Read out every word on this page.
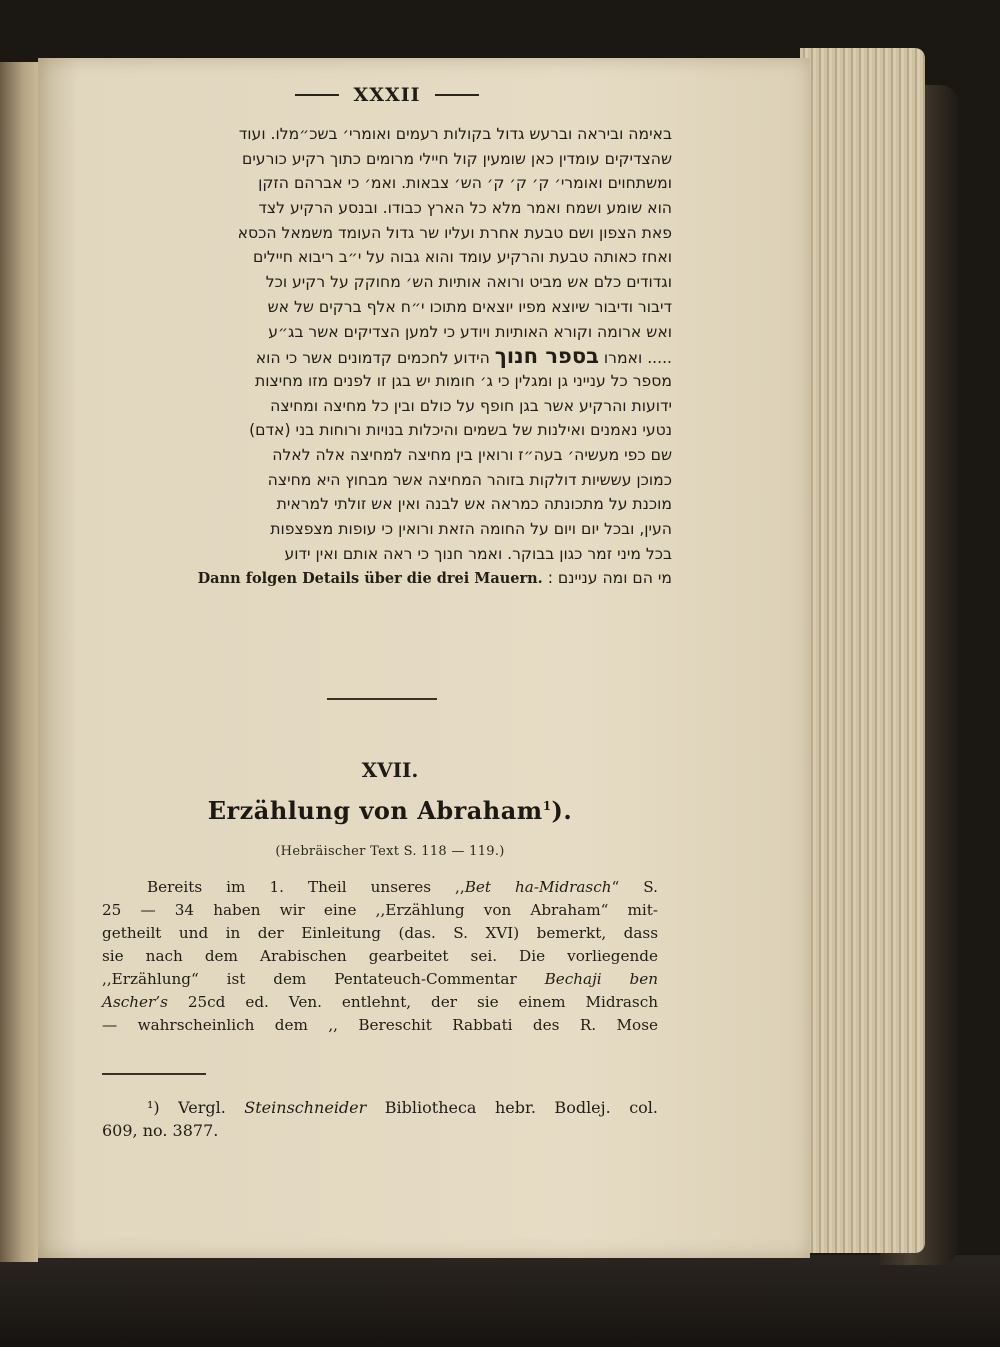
XXXII
באימה וביראה וברעש גדול בקולות רעמים ואומרי׳ בשכ״מלו. ועוד
שהצדיקים עומדין כאן שומעין קול חיילי מרומים כתוך רקיע כורעים
ומשתחוים ואומרי׳ ק׳ ק׳ ק׳ הש׳ צבאות. ואמ׳ כי אברהם הזקן
הוא שומע ושמח ואמר מלא כל הארץ כבודו. ובנסע הרקיע לצד
פאת הצפון ושם טבעת אחרת ועליו שר גדול העומד משמאל הכסא
ואחז כאותה טבעת והרקיע עומד והוא גבוה על י״ב ריבוא חיילים
וגדודים כלם אש מביט ורואה אותיות הש׳ מחוקק על רקיע וכל
דיבור ודיבור שיוצא מפיו יוצאים מתוכו י״ח אלף ברקים של אש
ואש ארומה וקורא האותיות ויודע כי למען הצדיקים אשר בג״ע
..... ואמרו בספר חנוך הידוע לחכמים קדמונים אשר כי הוא
מספר כל ענייני גן ומגלין כי ג׳ חומות יש בגן זו לפנים מזו מחיצות
ידועות והרקיע אשר בגן חופף על כולם ובין כל מחיצה ומחיצה
נטעי נאמנים ואילנות של בשמים והיכלות בנויות ורוחות בני (אדם)
שם כפי מעשיה׳ בעה״ז ורואין בין מחיצה למחיצה אלה לאלה
כמוכן עששיות דולקות בזוהר המחיצה אשר מבחוץ היא מחיצה
מוכנת על מתכונתה כמראה אש לבנה ואין אש זולתי למראית
העין, ובכל יום ויום על החומה הזאת ורואין כי עופות מצפצפות
בכל מיני זמר כגון בבוקר. ואמר חנוך כי ראה אותם ואין ידוע
מי הם ומה עניינם : Dann folgen Details über die drei Mauern.
XVII.
Erzählung von Abraham$^1$).
(Hebräischer Text S. 118 — 119.)
Bereits im 1. Theil unseres ,,Bet ha-Midrasch“ S.
25 — 34 haben wir eine ,,Erzählung von Abraham“ mit-
getheilt und in der Einleitung (das. S. XVI) bemerkt, dass
sie nach dem Arabischen gearbeitet sei. Die vorliegende
,,Erzählung“ ist dem Pentateuch-Commentar Bechaji ben
Ascher’s 25cd ed. Ven. entlehnt, der sie einem Midrasch
— wahrscheinlich dem ,, Bereschit Rabbati des R. Mose
¹) Vergl. Steinschneider Bibliotheca hebr. Bodlej. col.
609, no. 3877.
